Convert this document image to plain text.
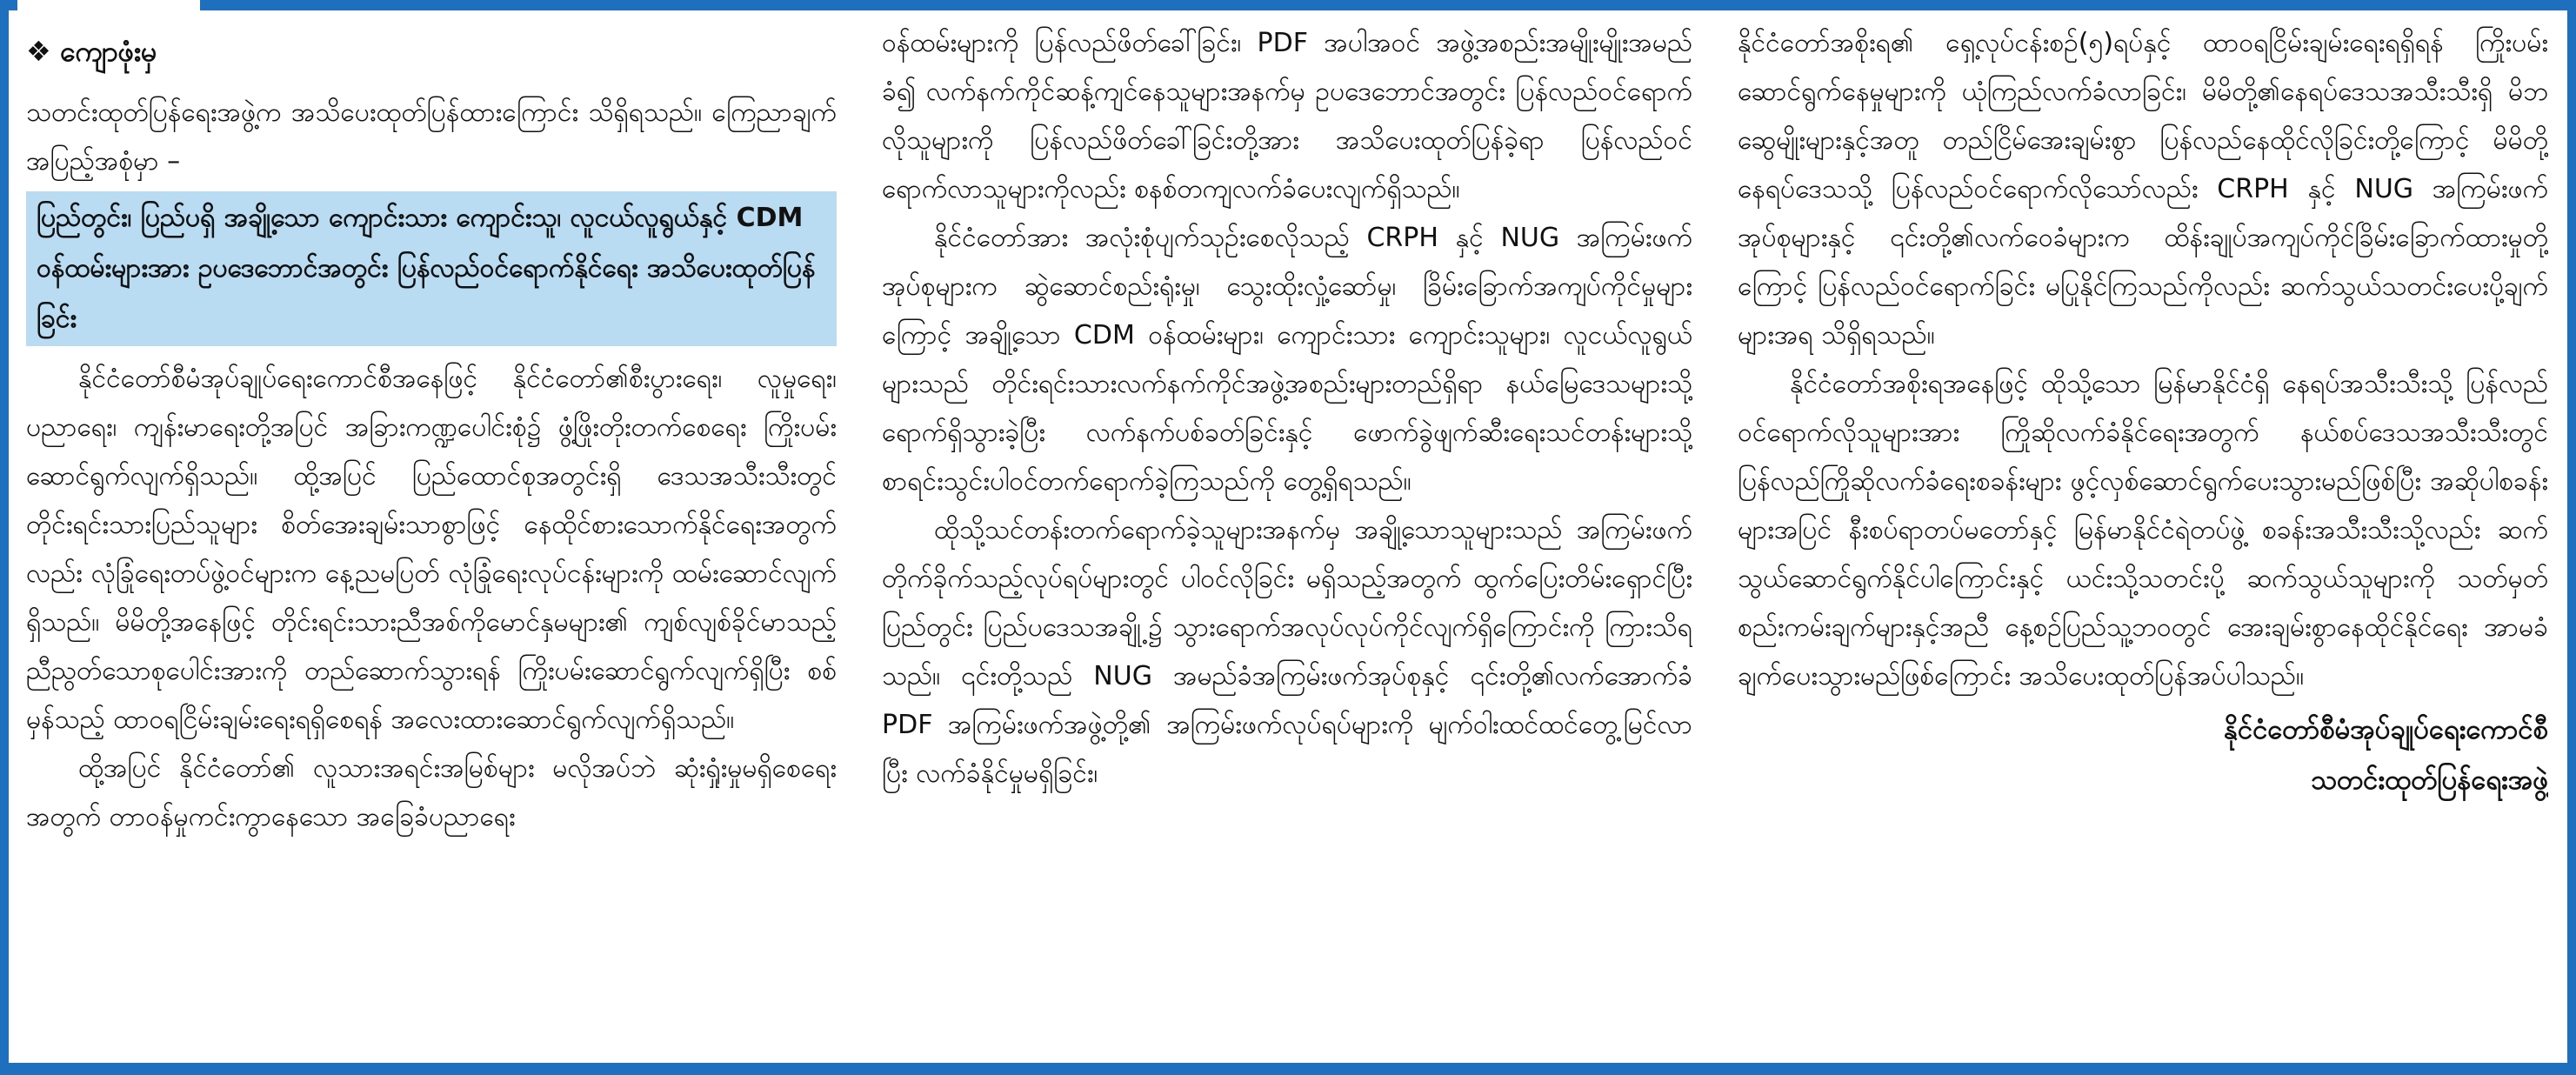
❖ ကျောဖုံးမှ

သတင်းထုတ်ပြန်ရေးအဖွဲ့က အသိပေးထုတ်ပြန်ထားကြောင်း သိရှိရသည်။ ကြေညာချက်အပြည့်အစုံမှာ –

ပြည်တွင်း၊ ပြည်ပရှိ အချို့သော ကျောင်းသား ကျောင်းသူ၊ လူငယ်လူရွယ်နှင့် CDM ဝန်ထမ်းများအား ဥပဒေဘောင်အတွင်း ပြန်လည်ဝင်ရောက်နိုင်ရေး အသိပေးထုတ်ပြန်ခြင်း

နိုင်ငံတော်စီမံအုပ်ချုပ်ရေးကောင်စီအနေဖြင့် နိုင်ငံတော်၏စီးပွားရေး၊ လူမှုရေး၊ ပညာရေး၊ ကျန်းမာရေးတို့အပြင် အခြားကဏ္ဍပေါင်းစုံ၌ ဖွံ့ဖြိုးတိုးတက်စေရေး ကြိုးပမ်းဆောင်ရွက်လျက်ရှိသည်။ ထို့အပြင် ပြည်ထောင်စုအတွင်းရှိ ဒေသအသီးသီးတွင် တိုင်းရင်းသားပြည်သူများ စိတ်အေးချမ်းသာစွာဖြင့် နေထိုင်စားသောက်နိုင်ရေးအတွက်လည်း လုံခြုံရေးတပ်ဖွဲ့ဝင်များက နေ့ညမပြတ် လုံခြုံရေးလုပ်ငန်းများကို ထမ်းဆောင်လျက်ရှိသည်။ မိမိတို့အနေဖြင့် တိုင်းရင်းသားညီအစ်ကိုမောင်နှမများ၏ ကျစ်လျစ်ခိုင်မာသည့် ညီညွတ်သောစုပေါင်းအားကို တည်ဆောက်သွားရန် ကြိုးပမ်းဆောင်ရွက်လျက်ရှိပြီး စစ်မှန်သည့် ထာဝရငြိမ်းချမ်းရေးရရှိစေရန် အလေးထားဆောင်ရွက်လျက်ရှိသည်။

ထို့အပြင် နိုင်ငံတော်၏ လူသားအရင်းအမြစ်များ မလိုအပ်ဘဲ ဆုံးရှုံးမှုမရှိစေရေးအတွက် တာဝန်မှုကင်းကွာနေသော အခြေခံပညာရေး

ဝန်ထမ်းများကို ပြန်လည်ဖိတ်ခေါ်ခြင်း၊ PDF အပါအဝင် အဖွဲ့အစည်းအမျိုးမျိုးအမည်ခံ၍ လက်နက်ကိုင်ဆန့်ကျင်နေသူများအနက်မှ ဥပဒေဘောင်အတွင်း ပြန်လည်ဝင်ရောက်လိုသူများကို ပြန်လည်ဖိတ်ခေါ်ခြင်းတို့အား အသိပေးထုတ်ပြန်ခဲ့ရာ ပြန်လည်ဝင်ရောက်လာသူများကိုလည်း စနစ်တကျလက်ခံပေးလျက်ရှိသည်။

နိုင်ငံတော်အား အလုံးစုံပျက်သုဉ်းစေလိုသည့် CRPH နှင့် NUG အကြမ်းဖက်အုပ်စုများက ဆွဲဆောင်စည်းရုံးမှု၊ သွေးထိုးလှုံ့ဆော်မှု၊ ခြိမ်းခြောက်အကျပ်ကိုင်မှုများကြောင့် အချို့သော CDM ဝန်ထမ်းများ၊ ကျောင်းသား ကျောင်းသူများ၊ လူငယ်လူရွယ်များသည် တိုင်းရင်းသားလက်နက်ကိုင်အဖွဲ့အစည်းများတည်ရှိရာ နယ်မြေဒေသများသို့ ရောက်ရှိသွားခဲ့ပြီး လက်နက်ပစ်ခတ်ခြင်းနှင့် ဖောက်ခွဲဖျက်ဆီးရေးသင်တန်းများသို့ စာရင်းသွင်းပါဝင်တက်ရောက်ခဲ့ကြသည်ကို တွေ့ရှိရသည်။

ထိုသို့သင်တန်းတက်ရောက်ခဲ့သူများအနက်မှ အချို့သောသူများသည် အကြမ်းဖက်တိုက်ခိုက်သည့်လုပ်ရပ်များတွင် ပါဝင်လိုခြင်း မရှိသည့်အတွက် ထွက်ပြေးတိမ်းရှောင်ပြီး ပြည်တွင်း ပြည်ပဒေသအချို့၌ သွားရောက်အလုပ်လုပ်ကိုင်လျက်ရှိကြောင်းကို ကြားသိရသည်။ ၎င်းတို့သည် NUG အမည်ခံအကြမ်းဖက်အုပ်စုနှင့် ၎င်းတို့၏လက်အောက်ခံ PDF အကြမ်းဖက်အဖွဲ့တို့၏ အကြမ်းဖက်လုပ်ရပ်များကို မျက်ဝါးထင်ထင်တွေ့မြင်လာပြီး လက်ခံနိုင်မှုမရှိခြင်း၊

နိုင်ငံတော်အစိုးရ၏ ရှေ့လုပ်ငန်းစဉ်(၅)ရပ်နှင့် ထာဝရငြိမ်းချမ်းရေးရရှိရန် ကြိုးပမ်းဆောင်ရွက်နေမှုများကို ယုံကြည်လက်ခံလာခြင်း၊ မိမိတို့၏နေရပ်ဒေသအသီးသီးရှိ မိဘဆွေမျိုးများနှင့်အတူ တည်ငြိမ်အေးချမ်းစွာ ပြန်လည်နေထိုင်လိုခြင်းတို့ကြောင့် မိမိတို့နေရပ်ဒေသသို့ ပြန်လည်ဝင်ရောက်လိုသော်လည်း CRPH နှင့် NUG အကြမ်းဖက်အုပ်စုများနှင့် ၎င်းတို့၏လက်ဝေခံများက ထိန်းချုပ်အကျပ်ကိုင်ခြိမ်းခြောက်ထားမှုတို့ကြောင့် ပြန်လည်ဝင်ရောက်ခြင်း မပြုနိုင်ကြသည်ကိုလည်း ဆက်သွယ်သတင်းပေးပို့ချက်များအရ သိရှိရသည်။

နိုင်ငံတော်အစိုးရအနေဖြင့် ထိုသို့သော မြန်မာနိုင်ငံရှိ နေရပ်အသီးသီးသို့ ပြန်လည်ဝင်ရောက်လိုသူများအား ကြိုဆိုလက်ခံနိုင်ရေးအတွက် နယ်စပ်ဒေသအသီးသီးတွင် ပြန်လည်ကြိုဆိုလက်ခံရေးစခန်းများ ဖွင့်လှစ်ဆောင်ရွက်ပေးသွားမည်ဖြစ်ပြီး အဆိုပါစခန်းများအပြင် နီးစပ်ရာတပ်မတော်နှင့် မြန်မာနိုင်ငံရဲတပ်ဖွဲ့ စခန်းအသီးသီးသို့လည်း ဆက်သွယ်ဆောင်ရွက်နိုင်ပါကြောင်းနှင့် ယင်းသို့သတင်းပို့ ဆက်သွယ်သူများကို သတ်မှတ်စည်းကမ်းချက်များနှင့်အညီ နေ့စဉ်ပြည်သူ့ဘဝတွင် အေးချမ်းစွာနေထိုင်နိုင်ရေး အာမခံချက်ပေးသွားမည်ဖြစ်ကြောင်း အသိပေးထုတ်ပြန်အပ်ပါသည်။

နိုင်ငံတော်စီမံအုပ်ချုပ်ရေးကောင်စီ
သတင်းထုတ်ပြန်ရေးအဖွဲ့
